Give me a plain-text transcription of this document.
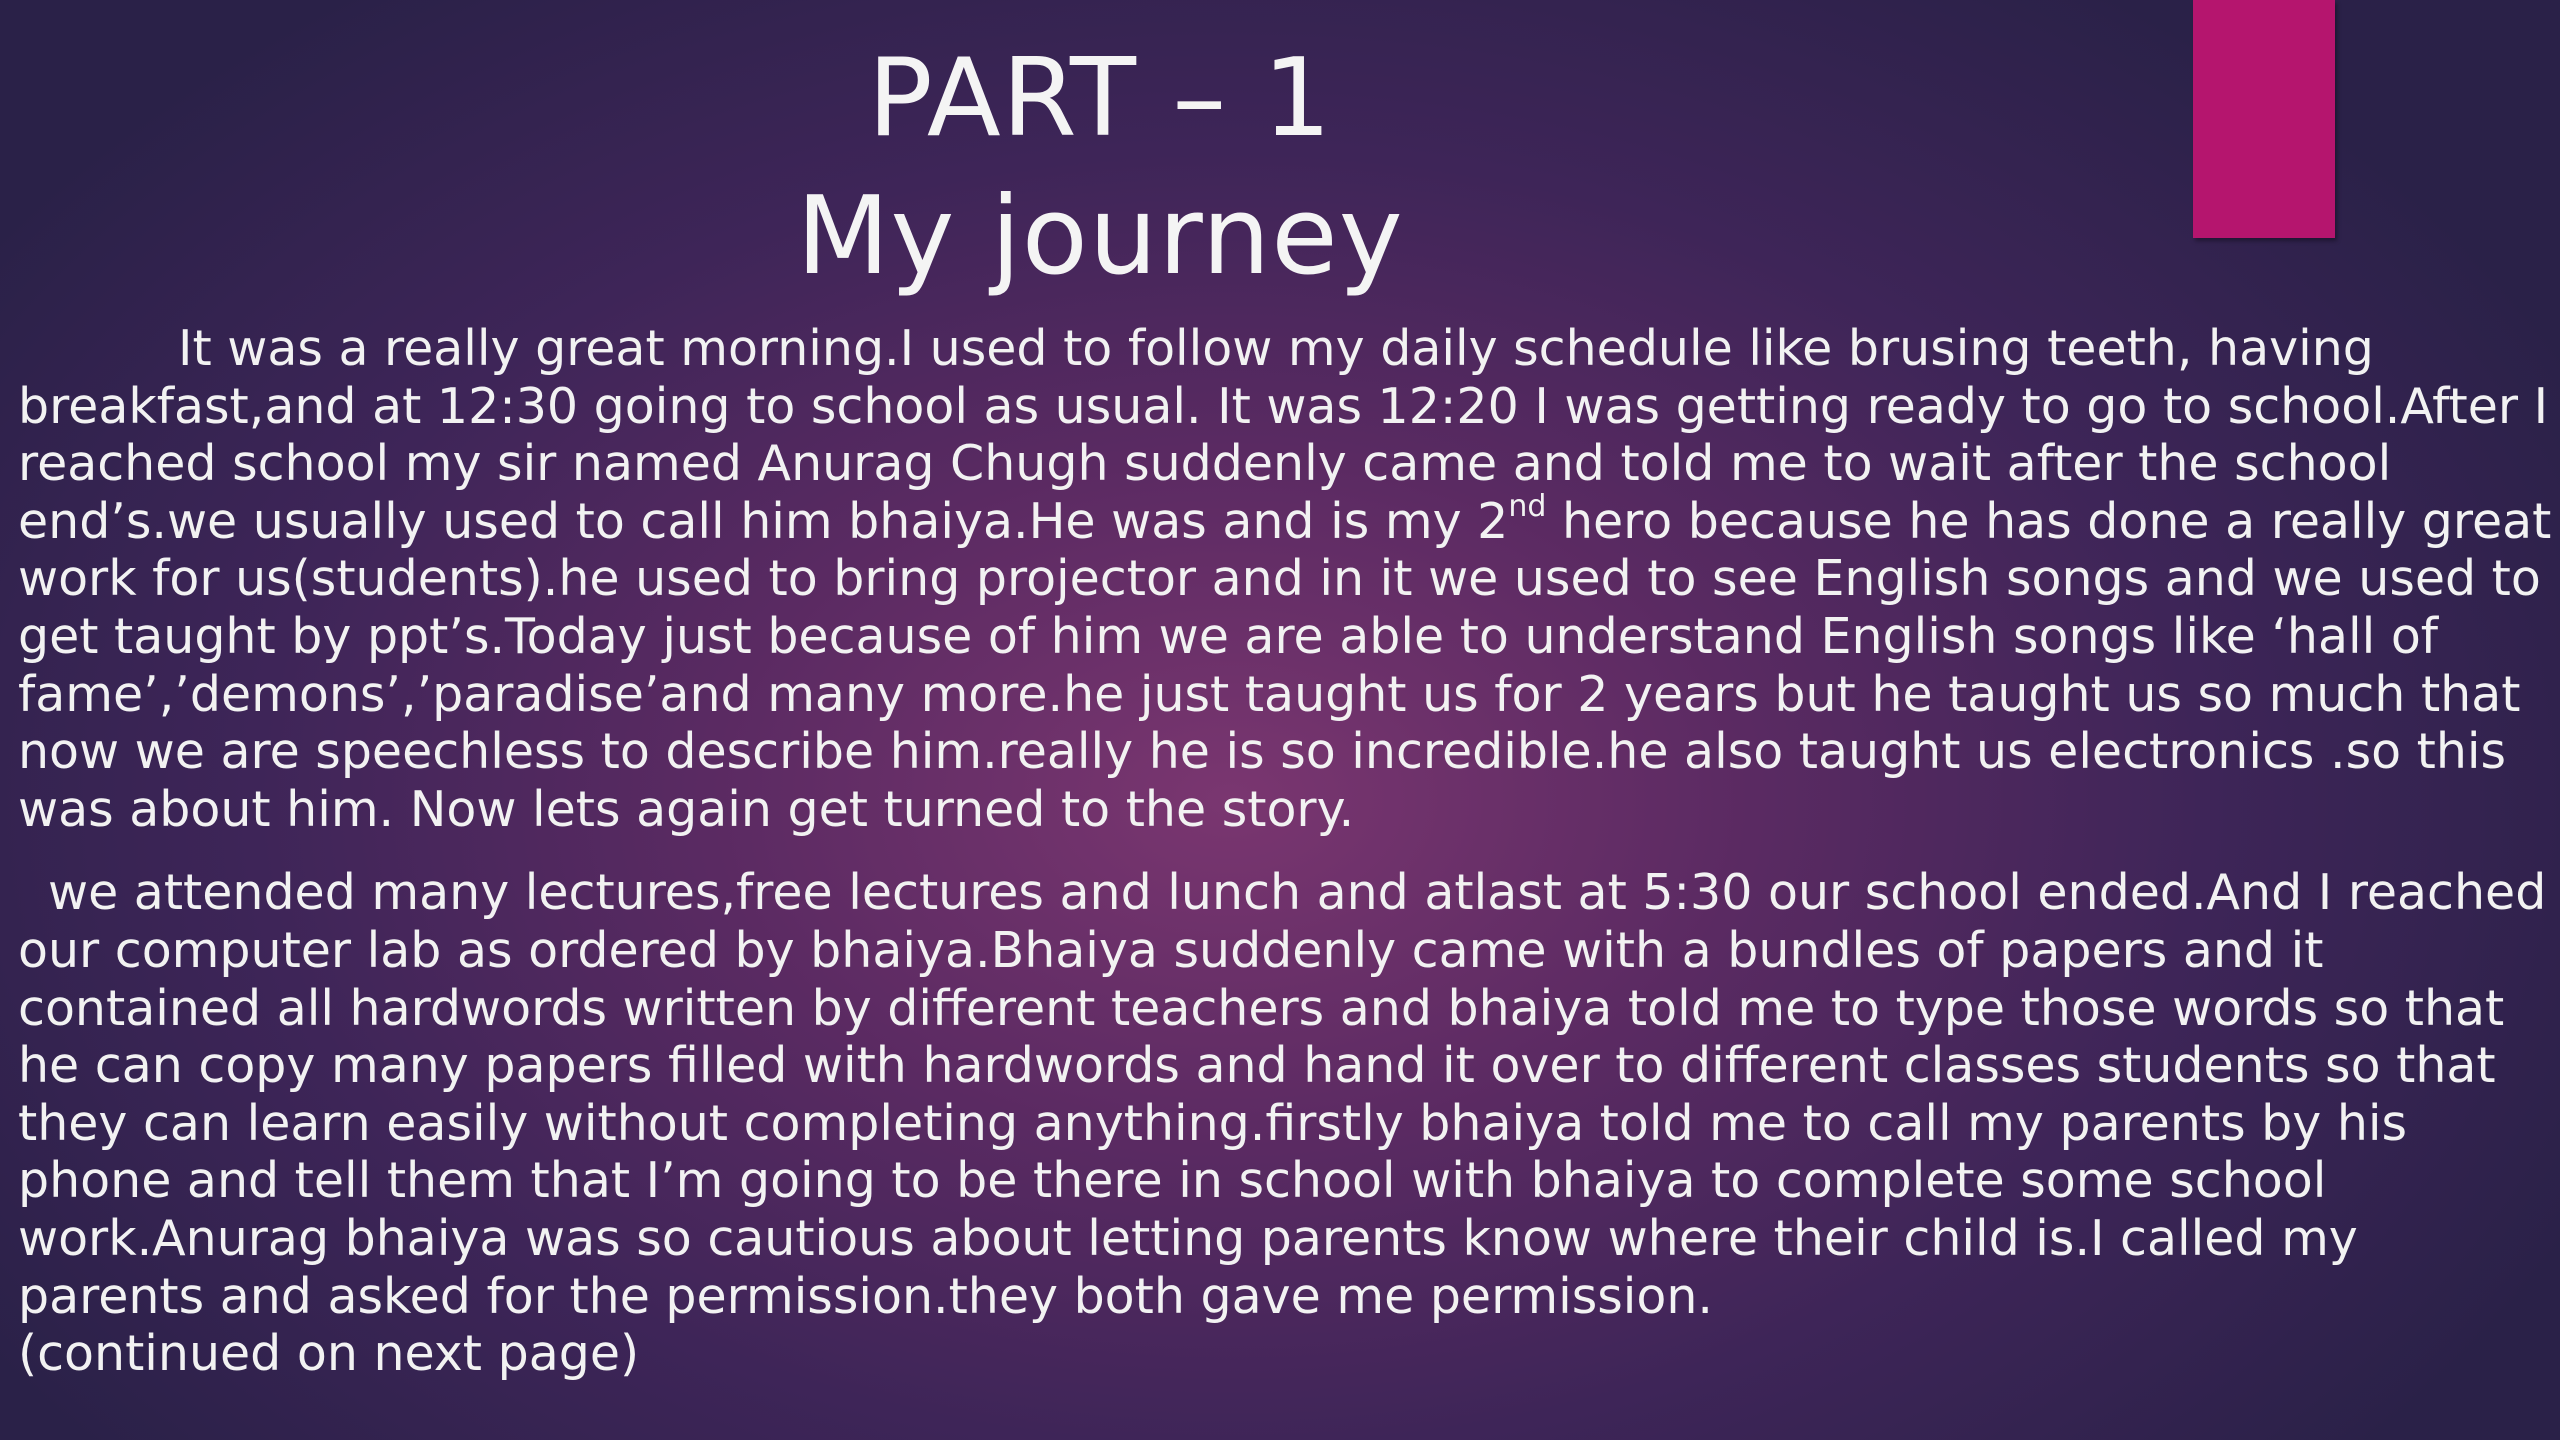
PART – 1
My journey

It was a really great morning.I used to follow my daily schedule like brusing teeth, having breakfast,and at 12:30 going to school as usual. It was 12:20 I was getting ready to go to school.After I reached school my sir named Anurag Chugh suddenly came and told me to wait after the school end’s.we usually used to call him bhaiya.He was and is my 2nd hero because he has done a really great work for us(students).he used to bring projector and in it we used to see English songs and we used to get taught by ppt’s.Today just because of him we are able to understand English songs like ‘hall of fame’,’demons’,’paradise’and many more.he just taught us for 2 years but he taught us so much that now we are speechless to describe him.really he is so incredible.he also taught us electronics .so this was about him. Now lets again get turned to the story.

we attended many lectures,free lectures and lunch and atlast at 5:30 our school ended.And I reached our computer lab as ordered by bhaiya.Bhaiya suddenly came with a bundles of papers and it contained all hardwords written by different teachers and bhaiya told me to type those words so that he can copy many papers filled with hardwords and hand it over to different classes students so that they can learn easily without completing anything.firstly bhaiya told me to call my parents by his phone and tell them that I’m going to be there in school with bhaiya to complete some school work.Anurag bhaiya was so cautious about letting parents know where their child is.I called my parents and asked for the permission.they both gave me permission.

(continued on next page)
